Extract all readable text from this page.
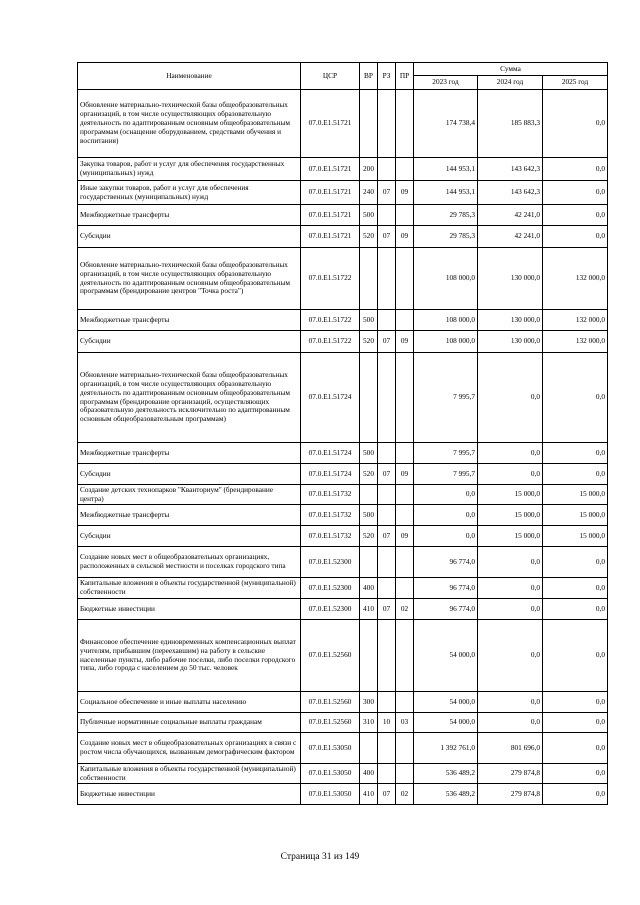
Наименование	ЦСР	ВР	РЗ	ПР	Сумма		
					2023 год	2024 год	2025 год
Обновление материально-технической базы общеобразовательных организаций, в том числе осуществляющих образовательную деятельность по адаптированным основным общеобразовательным программам (оснащение оборудованием, средствами обучения и воспитания)	07.0.Е1.51721				174 738,4	185 883,3	0,0
Закупка товаров, работ и услуг для обеспечения государственных (муниципальных) нужд	07.0.Е1.51721	200			144 953,1	143 642,3	0,0
Иные закупки товаров, работ и услуг для обеспечения государственных (муниципальных) нужд	07.0.Е1.51721	240	07	09	144 953,1	143 642,3	0,0
Межбюджетные трансферты	07.0.Е1.51721	500			29 785,3	42 241,0	0,0
Субсидии	07.0.Е1.51721	520	07	09	29 785,3	42 241,0	0,0
Обновление материально-технической базы общеобразовательных организаций, в том числе осуществляющих образовательную деятельность по адаптированным основным общеобразовательным программам (брендирование центров "Точка роста")	07.0.Е1.51722				108 000,0	130 000,0	132 000,0
Межбюджетные трансферты	07.0.Е1.51722	500			108 000,0	130 000,0	132 000,0
Субсидии	07.0.Е1.51722	520	07	09	108 000,0	130 000,0	132 000,0
Обновление материально-технической базы общеобразовательных организаций, в том числе осуществляющих образовательную деятельность по адаптированным основным общеобразовательным программам (брендирование организаций, осуществляющих образовательную деятельность исключительно по адаптированным основным общеобразовательным программам)	07.0.Е1.51724				7 995,7	0,0	0,0
Межбюджетные трансферты	07.0.Е1.51724	500			7 995,7	0,0	0,0
Субсидии	07.0.Е1.51724	520	07	09	7 995,7	0,0	0,0
Создание детских технопарков "Кванториум" (брендирование центра)	07.0.Е1.51732				0,0	15 000,0	15 000,0
Межбюджетные трансферты	07.0.Е1.51732	500			0,0	15 000,0	15 000,0
Субсидии	07.0.Е1.51732	520	07	09	0,0	15 000,0	15 000,0
Создание новых мест в общеобразовательных организациях, расположенных в сельской местности и поселках городского типа	07.0.Е1.52300				96 774,0	0,0	0,0
Капитальные вложения в объекты государственной (муниципальной) собственности	07.0.Е1.52300	400			96 774,0	0,0	0,0
Бюджетные инвестиции	07.0.Е1.52300	410	07	02	96 774,0	0,0	0,0
Финансовое обеспечение единовременных компенсационных выплат учителям, прибывшим (переехавшим) на работу в сельские населенные пункты, либо рабочие поселки, либо поселки городского типа, либо города с населением до 50 тыс. человек	07.0.Е1.52560				54 000,0	0,0	0,0
Социальное обеспечение и иные выплаты населению	07.0.Е1.52560	300			54 000,0	0,0	0,0
Публичные нормативные социальные выплаты гражданам	07.0.Е1.52560	310	10	03	54 000,0	0,0	0,0
Создание новых мест в общеобразовательных организациях в связи с ростом числа обучающихся, вызванным демографическим фактором	07.0.Е1.53050				1 392 761,0	801 696,0	0,0
Капитальные вложения в объекты государственной (муниципальной) собственности	07.0.Е1.53050	400			536 489,2	279 874,8	0,0
Бюджетные инвестиции	07.0.Е1.53050	410	07	02	536 489,2	279 874,8	0,0
Страница 31 из 149
